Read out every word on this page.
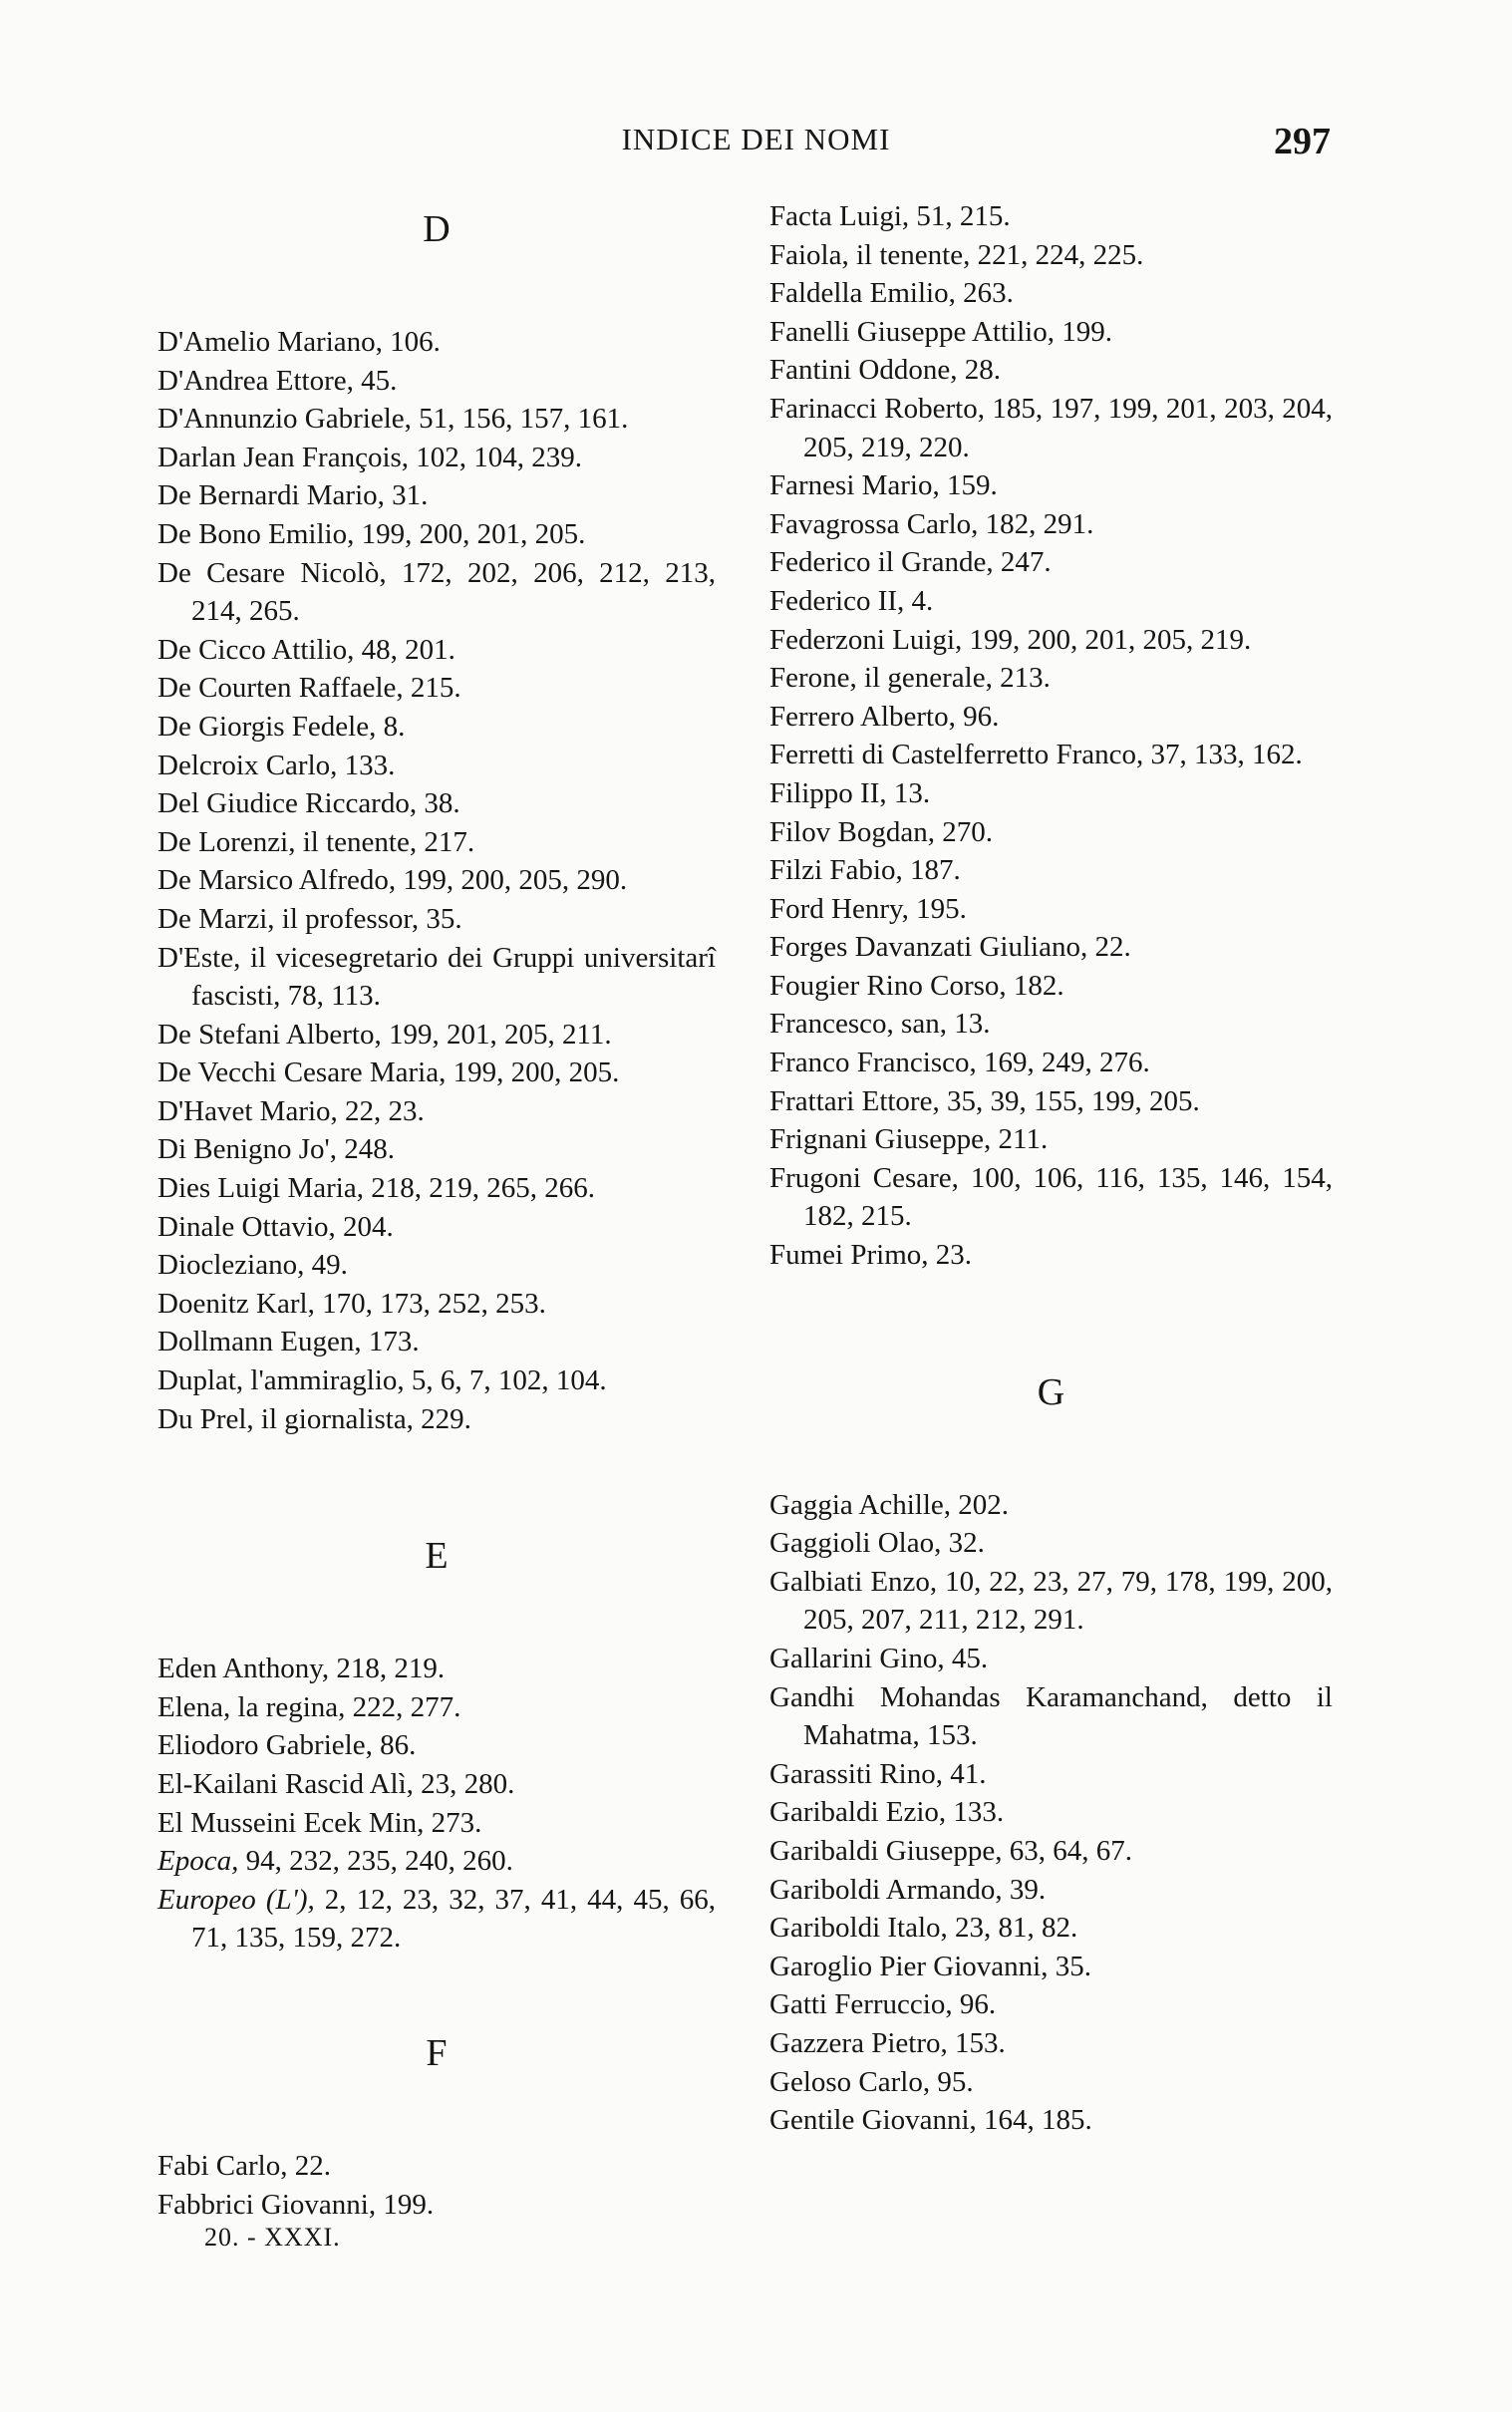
INDICE DEI NOMI	297
D
D'Amelio Mariano, 106.
D'Andrea Ettore, 45.
D'Annunzio Gabriele, 51, 156, 157, 161.
Darlan Jean François, 102, 104, 239.
De Bernardi Mario, 31.
De Bono Emilio, 199, 200, 201, 205.
De Cesare Nicolò, 172, 202, 206, 212, 213, 214, 265.
De Cicco Attilio, 48, 201.
De Courten Raffaele, 215.
De Giorgis Fedele, 8.
Delcroix Carlo, 133.
Del Giudice Riccardo, 38.
De Lorenzi, il tenente, 217.
De Marsico Alfredo, 199, 200, 205, 290.
De Marzi, il professor, 35.
D'Este, il vicesegretario dei Gruppi universitarî fascisti, 78, 113.
De Stefani Alberto, 199, 201, 205, 211.
De Vecchi Cesare Maria, 199, 200, 205.
D'Havet Mario, 22, 23.
Di Benigno Jo', 248.
Dies Luigi Maria, 218, 219, 265, 266.
Dinale Ottavio, 204.
Diocleziano, 49.
Doenitz Karl, 170, 173, 252, 253.
Dollmann Eugen, 173.
Duplat, l'ammiraglio, 5, 6, 7, 102, 104.
Du Prel, il giornalista, 229.
E
Eden Anthony, 218, 219.
Elena, la regina, 222, 277.
Eliodoro Gabriele, 86.
El-Kailani Rascid Alì, 23, 280.
El Musseini Ecek Min, 273.
Epoca, 94, 232, 235, 240, 260.
Europeo (L'), 2, 12, 23, 32, 37, 41, 44, 45, 66, 71, 135, 159, 272.
F
Fabi Carlo, 22.
Fabbrici Giovanni, 199.
Facta Luigi, 51, 215.
Faiola, il tenente, 221, 224, 225.
Faldella Emilio, 263.
Fanelli Giuseppe Attilio, 199.
Fantini Oddone, 28.
Farinacci Roberto, 185, 197, 199, 201, 203, 204, 205, 219, 220.
Farnesi Mario, 159.
Favagrossa Carlo, 182, 291.
Federico il Grande, 247.
Federico II, 4.
Federzoni Luigi, 199, 200, 201, 205, 219.
Ferone, il generale, 213.
Ferrero Alberto, 96.
Ferretti di Castelferretto Franco, 37, 133, 162.
Filippo II, 13.
Filov Bogdan, 270.
Filzi Fabio, 187.
Ford Henry, 195.
Forges Davanzati Giuliano, 22.
Fougier Rino Corso, 182.
Francesco, san, 13.
Franco Francisco, 169, 249, 276.
Frattari Ettore, 35, 39, 155, 199, 205.
Frignani Giuseppe, 211.
Frugoni Cesare, 100, 106, 116, 135, 146, 154, 182, 215.
Fumei Primo, 23.
G
Gaggia Achille, 202.
Gaggioli Olao, 32.
Galbiati Enzo, 10, 22, 23, 27, 79, 178, 199, 200, 205, 207, 211, 212, 291.
Gallarini Gino, 45.
Gandhi Mohandas Karamanchand, detto il Mahatma, 153.
Garassiti Rino, 41.
Garibaldi Ezio, 133.
Garibaldi Giuseppe, 63, 64, 67.
Gariboldi Armando, 39.
Gariboldi Italo, 23, 81, 82.
Garoglio Pier Giovanni, 35.
Gatti Ferruccio, 96.
Gazzera Pietro, 153.
Geloso Carlo, 95.
Gentile Giovanni, 164, 185.
20. - XXXI.
